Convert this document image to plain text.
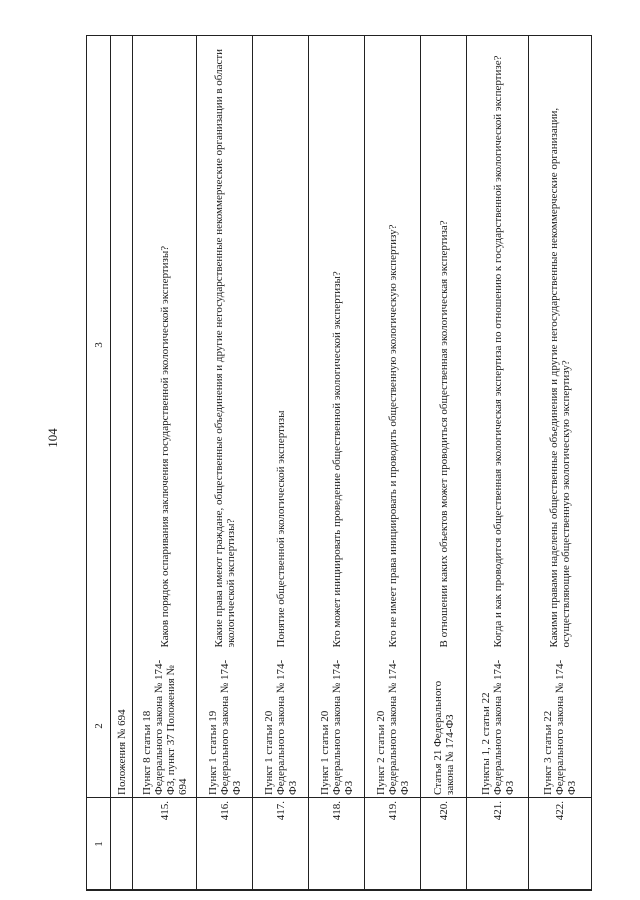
104
1
2
3
Положения № 694
415.
Пункт 8 статьи 18 Федерального закона № 174-ФЗ, пункт 37 Положения № 694
Каков порядок оспаривания заключения государственной экологической экспертизы?
416.
Пункт 1 статьи 19 Федерального закона № 174-ФЗ
Какие права имеют граждане, общественные объединения и другие негосударственные некоммерческие организации в области экологической экспертизы?
417.
Пункт 1 статьи 20 Федерального закона № 174-ФЗ
Понятие общественной экологической экспертизы
418.
Пункт 1 статьи 20 Федерального закона № 174-ФЗ
Кто может инициировать проведение общественной экологической экспертизы?
419.
Пункт 2 статьи 20 Федерального закона № 174-ФЗ
Кто не имеет права инициировать и проводить общественную экологическую экспертизу?
420.
Статья 21 Федерального закона № 174-ФЗ
В отношении каких объектов может проводиться общественная экологическая экспертиза?
421.
Пункты 1, 2 статьи 22 Федерального закона № 174-ФЗ
Когда и как проводится общественная экологическая экспертиза по отношению к государственной экологической экспертизе?
422.
Пункт 3 статьи 22 Федерального закона № 174-ФЗ
Какими правами наделены общественные объединения и другие негосударственные некоммерческие организации, осуществляющие общественную экологическую экспертизу?
